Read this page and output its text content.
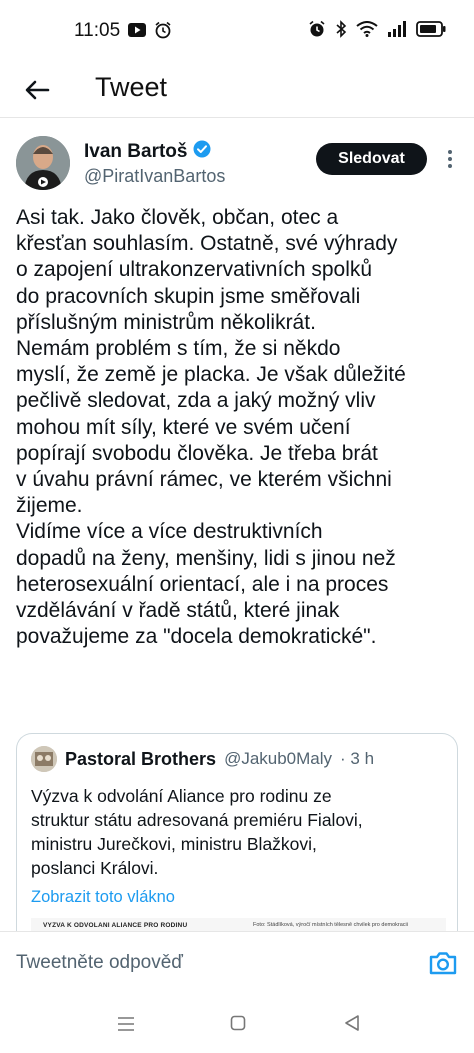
11:05
Tweet
Ivan Bartoš
@PiratIvanBartos
Sledovat
Asi tak. Jako člověk, občan, otec a
křesťan souhlasím. Ostatně, své výhrady
o zapojení ultrakonzervativních spolků
do pracovních skupin jsme směřovali
příslušným ministrům několikrát.
Nemám problém s tím, že si někdo
myslí, že země je placka. Je však důležité
pečlivě sledovat, zda a jaký možný vliv
mohou mít síly, které ve svém učení
popírají svobodu člověka. Je třeba brát
v úvahu právní rámec, ve kterém všichni
žijeme.
Vidíme více a více destruktivních
dopadů na ženy, menšiny, lidi s jinou než
heterosexuální orientací, ale i na proces
vzdělávání v řadě států, které jinak
považujeme za "docela demokratické".
Pastoral Brothers @Jakub0Maly · 3 h
Výzva k odvolání Aliance pro rodinu ze
struktur státu adresovaná premiéru Fialovi,
ministru Jurečkovi, ministru Blažkovi,
poslanci Královi.
Zobrazit toto vlákno
VYZVA K ODVOLANI ALIANCE PRO RODINU	Foto: Stádlíková, výročí místních tělesně chvilek pro demokracii
Tweetněte odpověď
